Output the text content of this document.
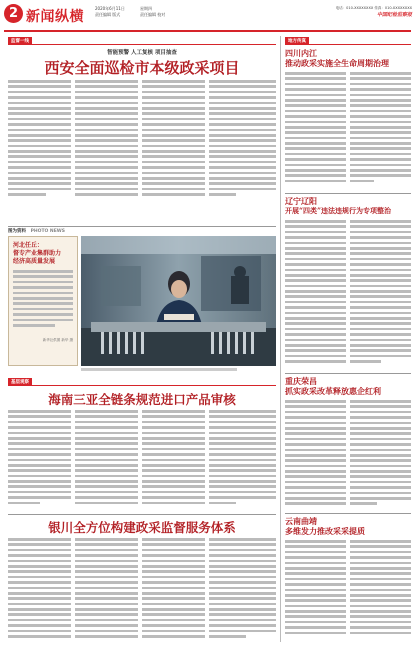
2 新闻纵横
2020年6月11日
责任编辑 版式
星期四
责任编辑 校对
电话：010-XXXXXXXX 传真：010-XXXXXXXX
中国纪检监察报
监督一线
智能预警 人工复核 项目抽查
西安全面巡检市本级政采项目
图为资料 PHOTO NEWS
河北任丘：
督专产业集群助力
经济高质量发展
新华社供图 新华 摄
基层观察
海南三亚全链条规范进口产品审核
银川全方位构建政采监督服务体系
地方传真
四川内江
推动政采实施全生命周期治理
辽宁辽阳
开展“四类”违法违规行为专项整治
重庆荣昌
抓实政采改革释放惠企红利
云南曲靖
多维发力推改采采提质
